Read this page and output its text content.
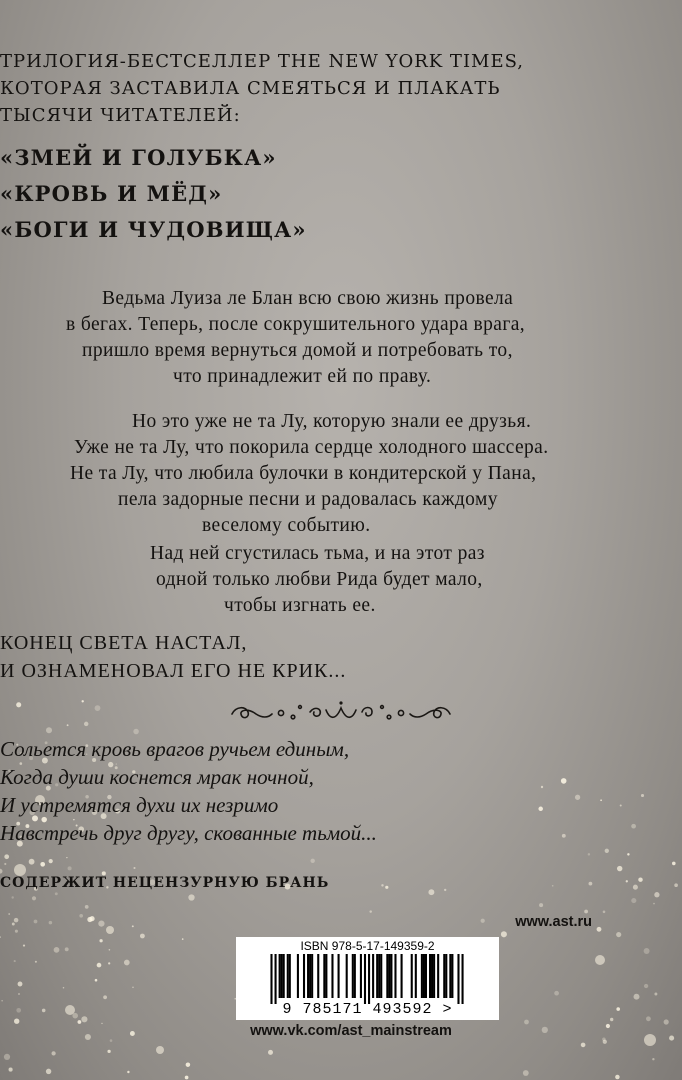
ТРИЛОГИЯ-БЕСТСЕЛЛЕР THE NEW YORK TIMES,
КОТОРАЯ ЗАСТАВИЛА СМЕЯТЬСЯ И ПЛАКАТЬ
ТЫСЯЧИ ЧИТАТЕЛЕЙ:
«ЗМЕЙ И ГОЛУБКА»
«КРОВЬ И МЁД»
«БОГИ И ЧУДОВИЩА»
Ведьма Луиза ле Блан всю свою жизнь провела
в бегах. Теперь, после сокрушительного удара врага,
пришло время вернуться домой и потребовать то,
что принадлежит ей по праву.
Но это уже не та Лу, которую знали ее друзья.
Уже не та Лу, что покорила сердце холодного шассера.
Не та Лу, что любила булочки в кондитерской у Пана,
пела задорные песни и радовалась каждому
веселому событию.
Над ней сгустилась тьма, и на этот раз
одной только любви Рида будет мало,
чтобы изгнать ее.
КОНЕЦ СВЕТА НАСТАЛ,
И ОЗНАМЕНОВАЛ ЕГО НЕ КРИК...
Сольется кровь врагов ручьем единым,
Когда души коснется мрак ночной,
И устремятся духи их незримо
Навстречь друг другу, скованные тьмой...
СОДЕРЖИТ НЕЦЕНЗУРНУЮ БРАНЬ
www.ast.ru
ISBN 978-5-17-149359-2
9 785171 493592 >
www.vk.com/ast_mainstream
